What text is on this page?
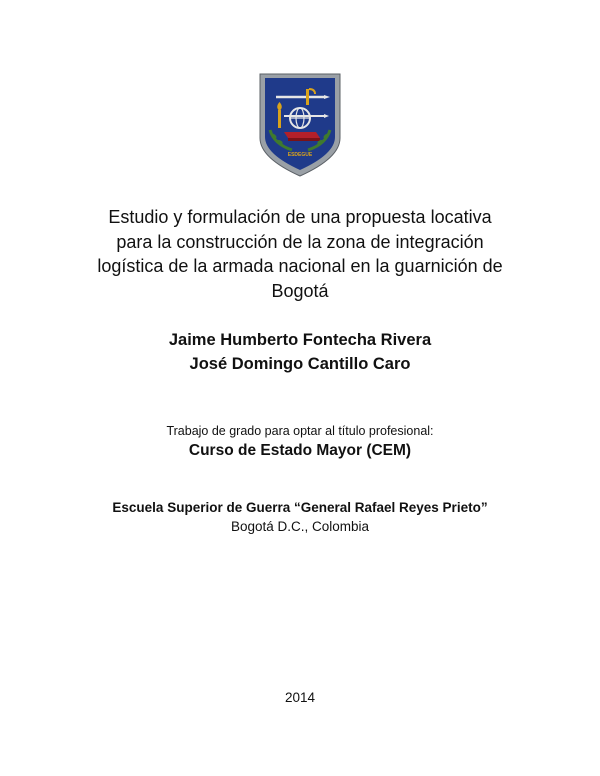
ESDEGUE
Estudio y formulación de una propuesta locativa
para la construcción de la zona de integración
logística de la armada nacional en la guarnición de
Bogotá
Jaime Humberto Fontecha Rivera
José Domingo Cantillo Caro
Trabajo de grado para optar al título profesional:
Curso de Estado Mayor (CEM)
Escuela Superior de Guerra “General Rafael Reyes Prieto”
Bogotá D.C., Colombia
2014
